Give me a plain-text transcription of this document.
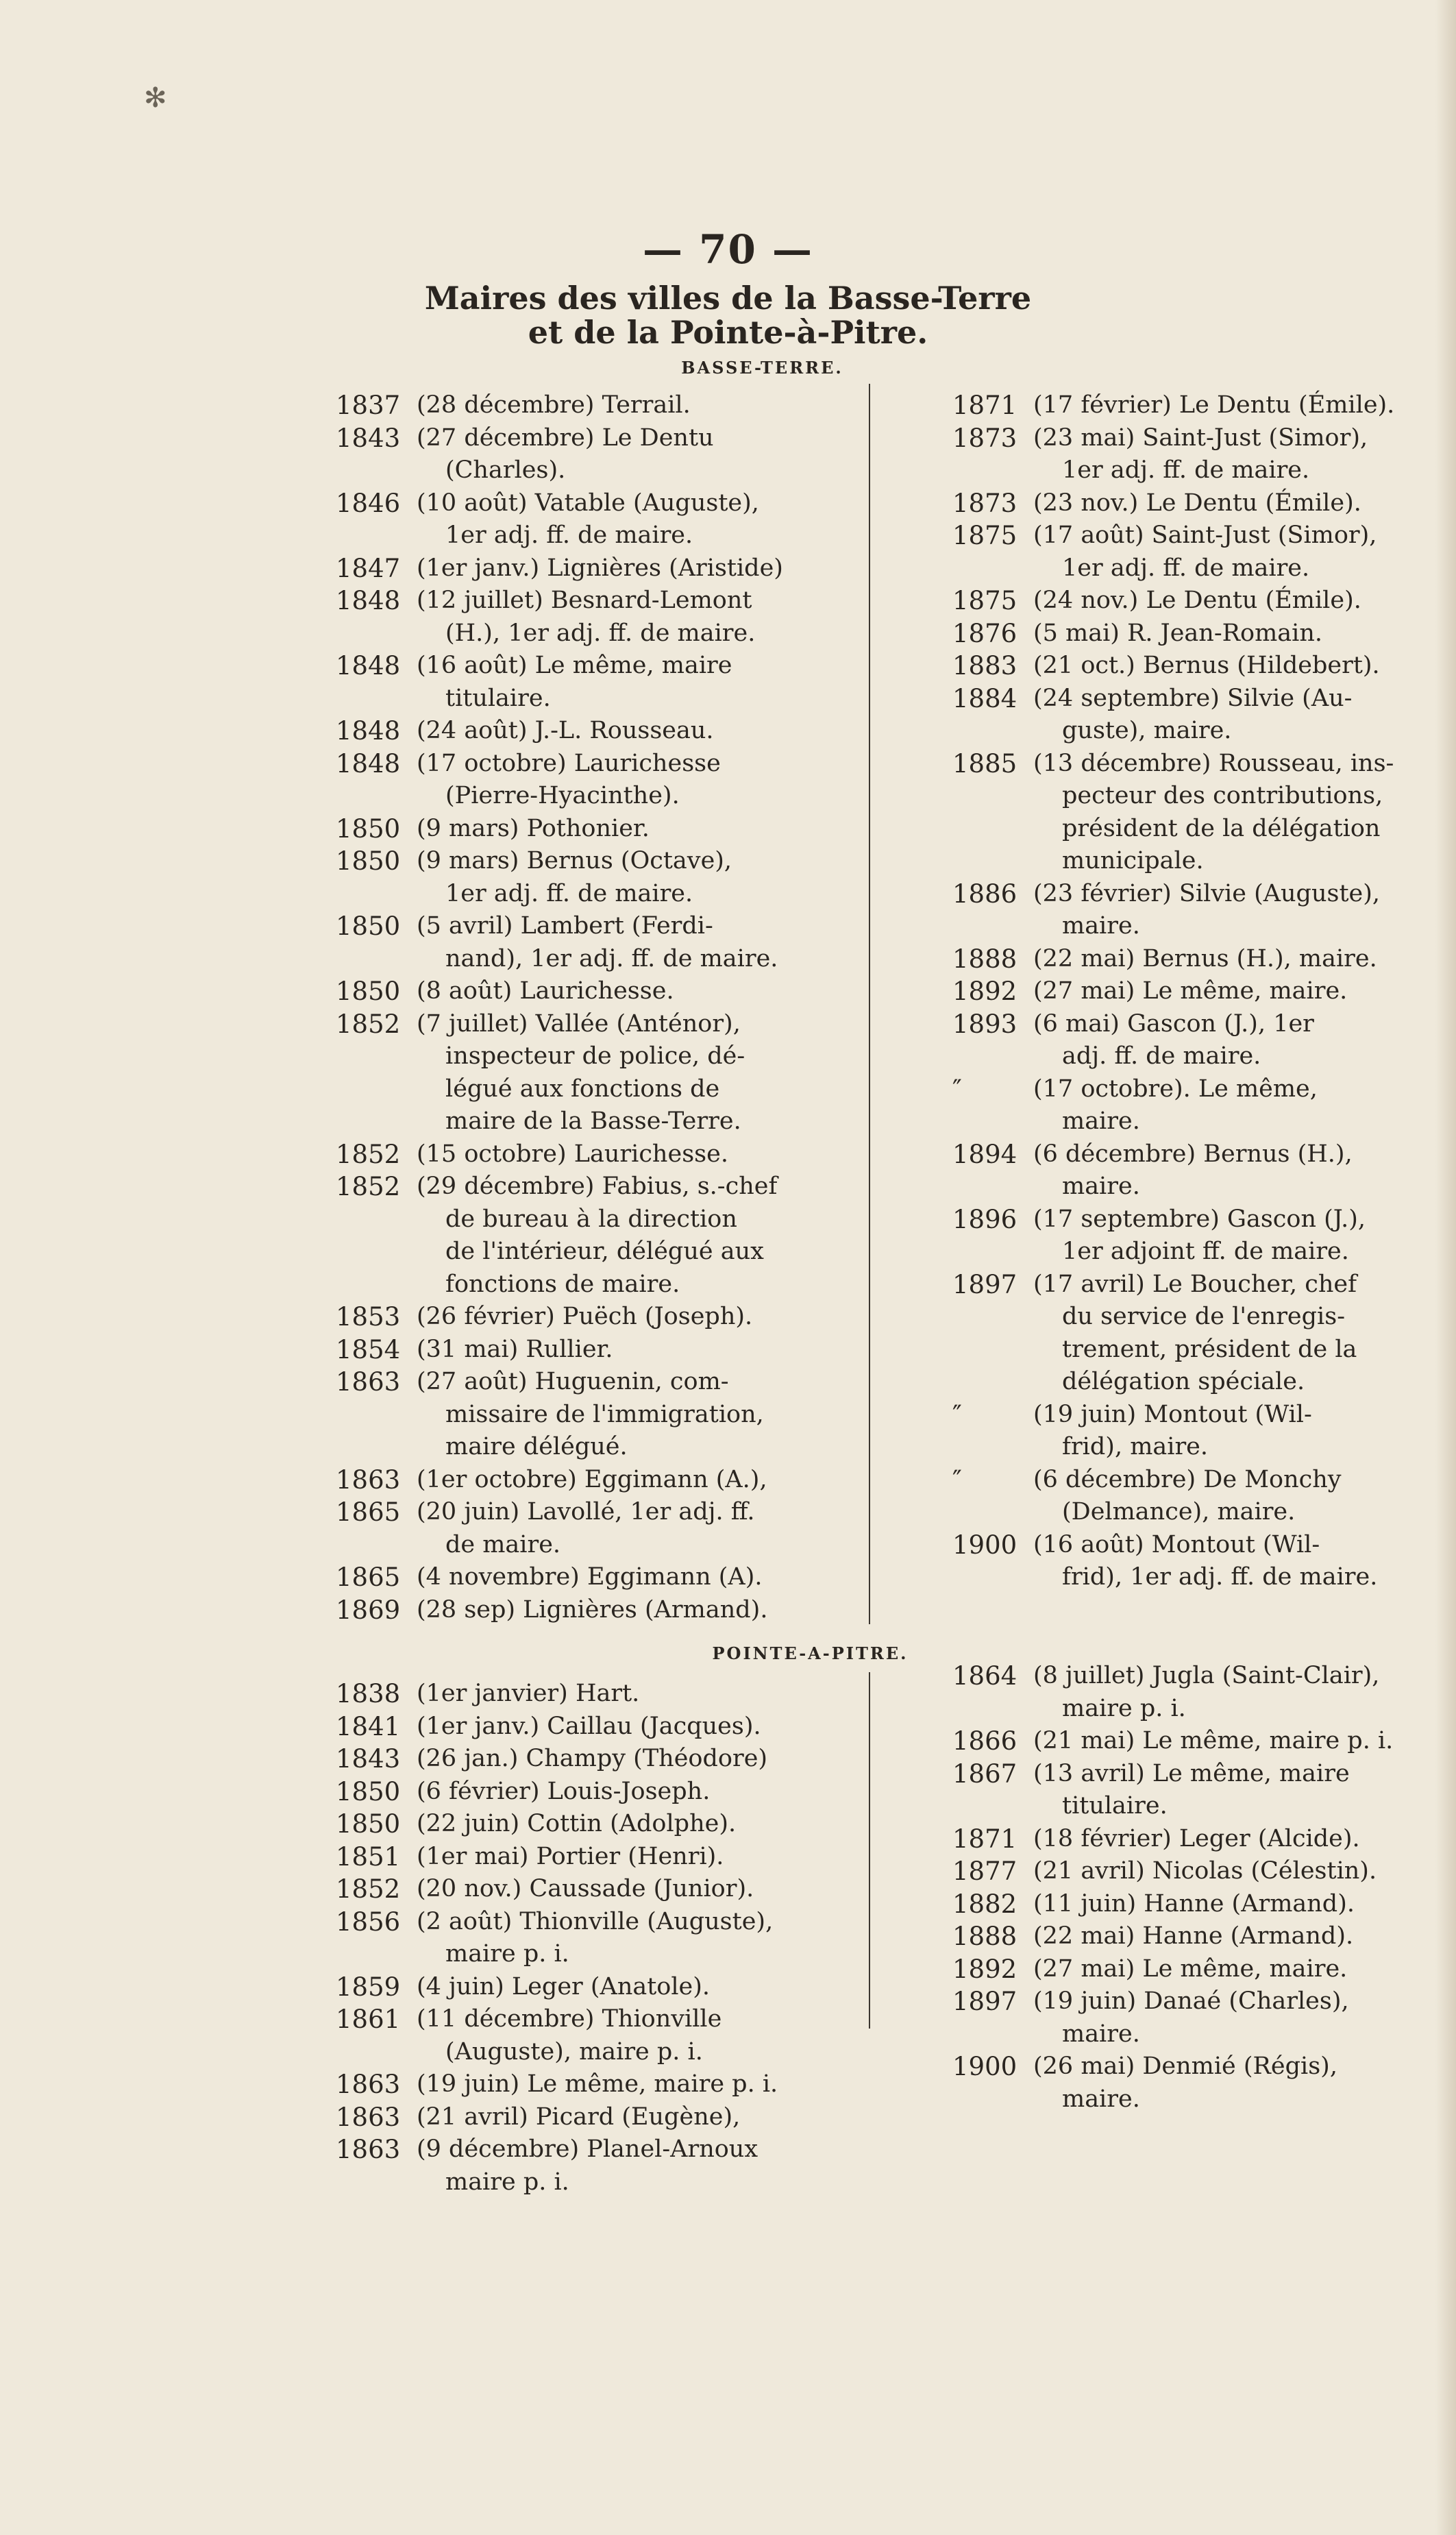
✻
— 70 —
Maires des villes de la Basse-Terre
et de la Pointe-à-Pitre.
BASSE-TERRE.
1837 (28 décembre) Terrail.
1843 (27 décembre) Le Dentu
(Charles).
1846 (10 août) Vatable (Auguste),
1er adj. ff. de maire.
1847 (1er janv.) Lignières (Aristide)
1848 (12 juillet) Besnard-Lemont
(H.), 1er adj. ff. de maire.
1848 (16 août) Le même, maire
titulaire.
1848 (24 août) J.-L. Rousseau.
1848 (17 octobre) Laurichesse
(Pierre-Hyacinthe).
1850 (9 mars) Pothonier.
1850 (9 mars) Bernus (Octave),
1er adj. ff. de maire.
1850 (5 avril) Lambert (Ferdi-
nand), 1er adj. ff. de maire.
1850 (8 août) Laurichesse.
1852 (7 juillet) Vallée (Anténor),
inspecteur de police, dé-
légué aux fonctions de
maire de la Basse-Terre.
1852 (15 octobre) Laurichesse.
1852 (29 décembre) Fabius, s.-chef
de bureau à la direction
de l'intérieur, délégué aux
fonctions de maire.
1853 (26 février) Puëch (Joseph).
1854 (31 mai) Rullier.
1863 (27 août) Huguenin, com-
missaire de l'immigration,
maire délégué.
1863 (1er octobre) Eggimann (A.),
1865 (20 juin) Lavollé, 1er adj. ff.
de maire.
1865 (4 novembre) Eggimann (A).
1869 (28 sep) Lignières (Armand).
1871 (17 février) Le Dentu (Émile).
1873 (23 mai) Saint-Just (Simor),
1er adj. ff. de maire.
1873 (23 nov.) Le Dentu (Émile).
1875 (17 août) Saint-Just (Simor),
1er adj. ff. de maire.
1875 (24 nov.) Le Dentu (Émile).
1876 (5 mai) R. Jean-Romain.
1883 (21 oct.) Bernus (Hildebert).
1884 (24 septembre) Silvie (Au-
guste), maire.
1885 (13 décembre) Rousseau, ins-
pecteur des contributions,
président de la délégation
municipale.
1886 (23 février) Silvie (Auguste),
maire.
1888 (22 mai) Bernus (H.), maire.
1892 (27 mai) Le même, maire.
1893 (6 mai) Gascon (J.), 1er
adj. ff. de maire.
″	(17 octobre). Le même,
maire.
1894 (6 décembre) Bernus (H.),
maire.
1896 (17 septembre) Gascon (J.),
1er adjoint ff. de maire.
1897 (17 avril) Le Boucher, chef
du service de l'enregis-
trement, président de la
délégation spéciale.
″	(19 juin) Montout (Wil-
frid), maire.
″	(6 décembre) De Monchy
(Delmance), maire.
1900 (16 août) Montout (Wil-
frid), 1er adj. ff. de maire.
POINTE-A-PITRE.
1838 (1er janvier) Hart.
1841 (1er janv.) Caillau (Jacques).
1843 (26 jan.) Champy (Théodore)
1850 (6 février) Louis-Joseph.
1850 (22 juin) Cottin (Adolphe).
1851 (1er mai) Portier (Henri).
1852 (20 nov.) Caussade (Junior).
1856 (2 août) Thionville (Auguste),
maire p. i.
1859 (4 juin) Leger (Anatole).
1861 (11 décembre) Thionville
(Auguste), maire p. i.
1863 (19 juin) Le même, maire p. i.
1863 (21 avril) Picard (Eugène),
1863 (9 décembre) Planel-Arnoux
maire p. i.
1864 (8 juillet) Jugla (Saint-Clair),
maire p. i.
1866 (21 mai) Le même, maire p. i.
1867 (13 avril) Le même, maire
titulaire.
1871 (18 février) Leger (Alcide).
1877 (21 avril) Nicolas (Célestin).
1882 (11 juin) Hanne (Armand).
1888 (22 mai) Hanne (Armand).
1892 (27 mai) Le même, maire.
1897 (19 juin) Danaé (Charles),
maire.
1900 (26 mai) Denmié (Régis),
maire.
